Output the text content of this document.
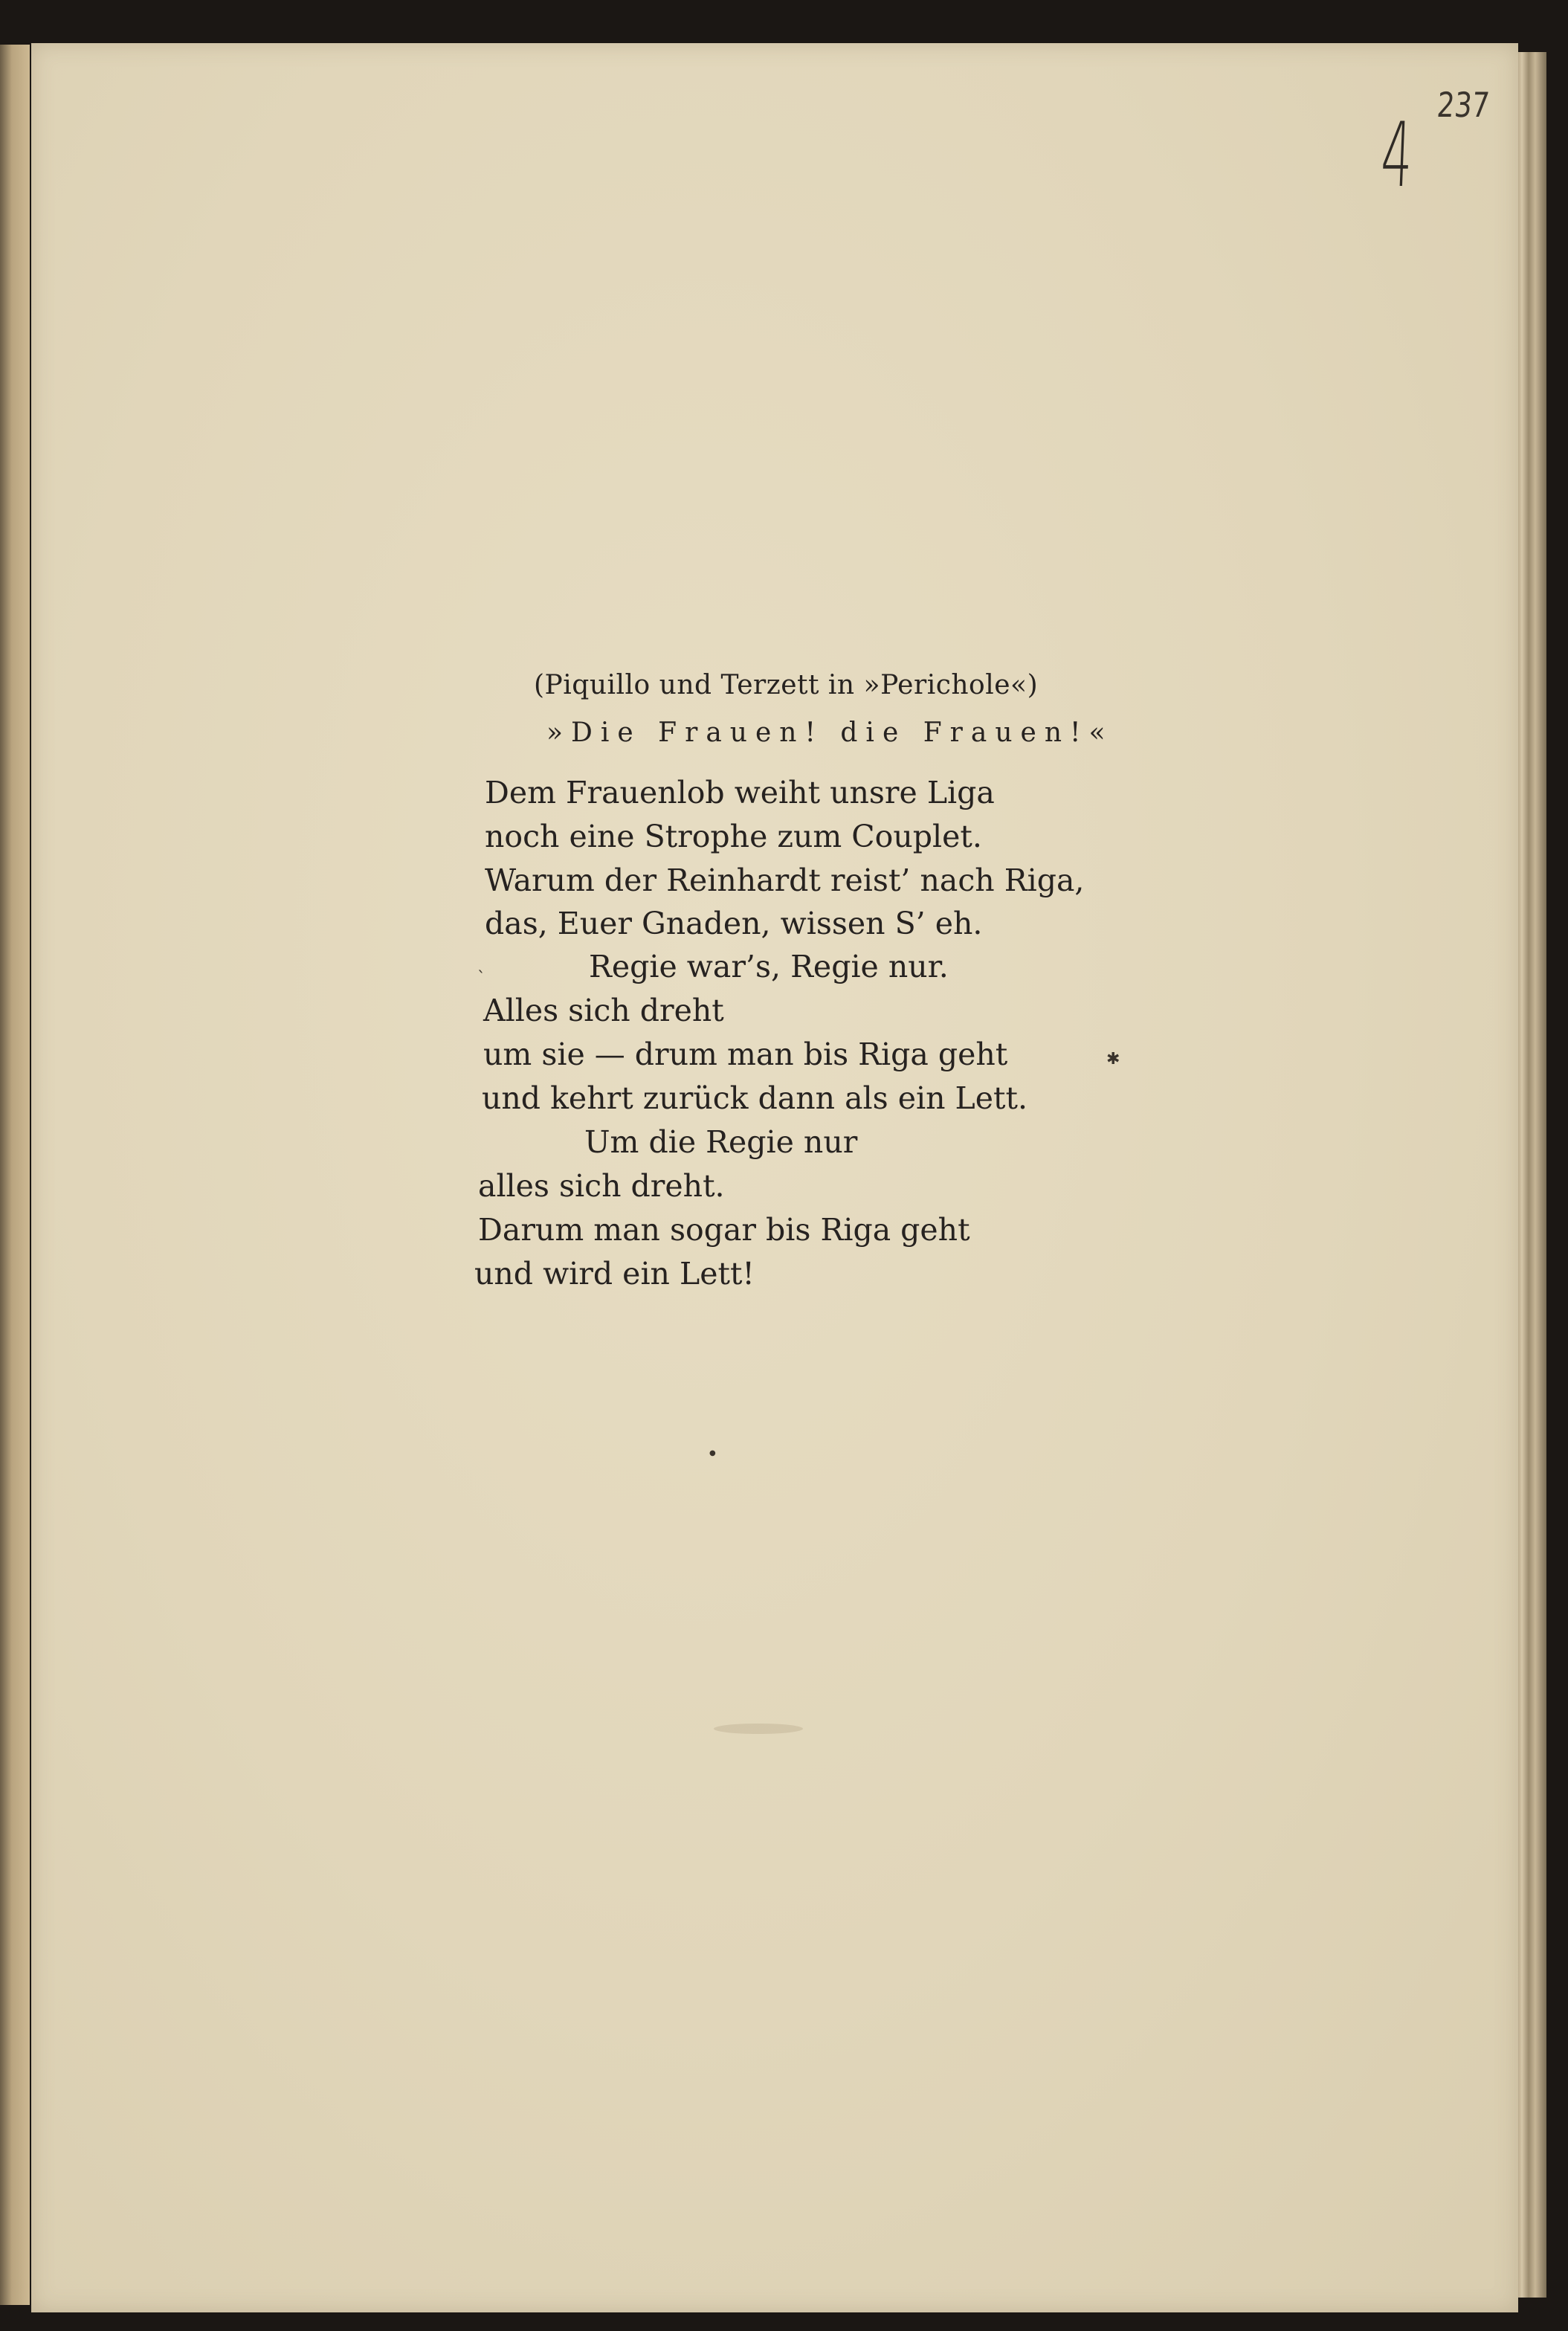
4 237
(Piquillo und Terzett in »Perichole«)
»Die Frauen! die Frauen!«
Dem Frauenlob weiht unsre Liga
noch eine Strophe zum Couplet.
Warum der Reinhardt reist’ nach Riga,
das, Euer Gnaden, wissen S’ eh.
Regie war’s, Regie nur.
Alles sich dreht
um sie — drum man bis Riga geht
und kehrt zurück dann als ein Lett.
Um die Regie nur
alles sich dreht.
Darum man sogar bis Riga geht
und wird ein Lett!
ˎ
✱
●
